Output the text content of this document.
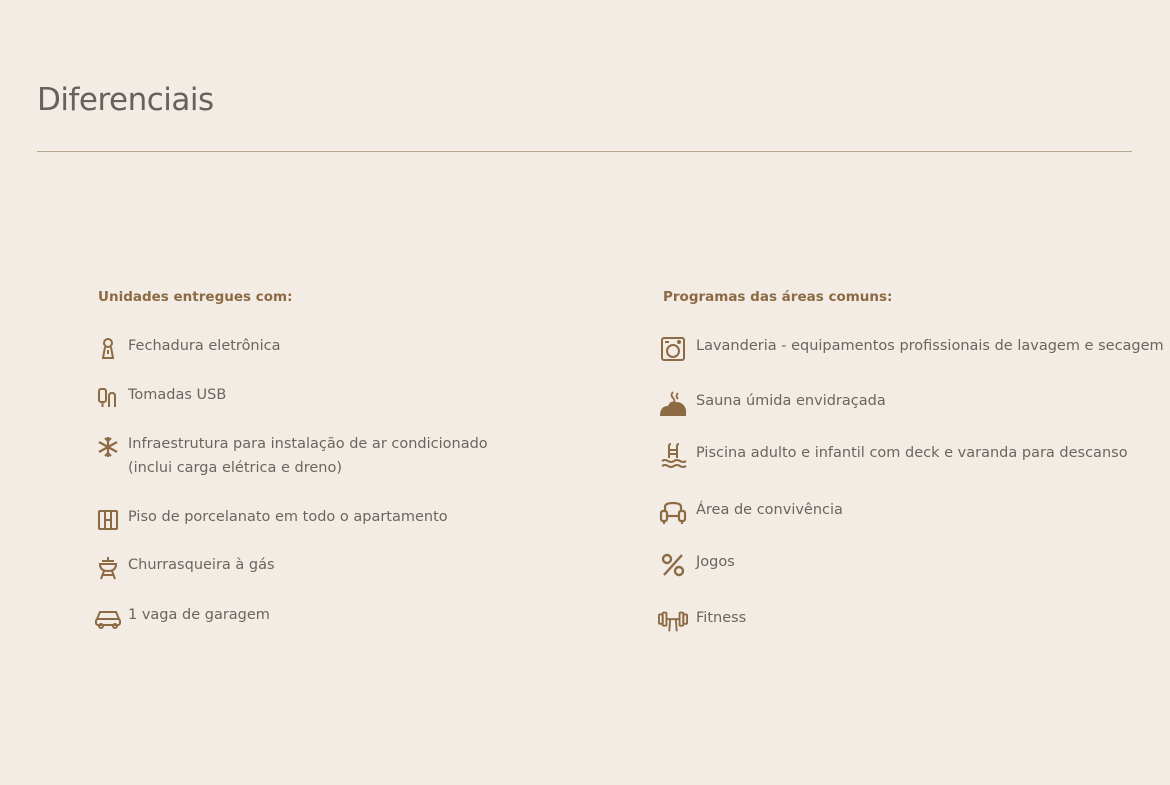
Diferenciais
Unidades entregues com:
Fechadura eletrônica
Tomadas USB
Infraestrutura para instalação de ar condicionado
(inclui carga elétrica e dreno)
Piso de porcelanato em todo o apartamento
Churrasqueira à gás
1 vaga de garagem
Programas das áreas comuns:
Lavanderia - equipamentos profissionais de lavagem e secagem
Sauna úmida envidraçada
Piscina adulto e infantil com deck e varanda para descanso
Área de convivência
Jogos
Fitness
